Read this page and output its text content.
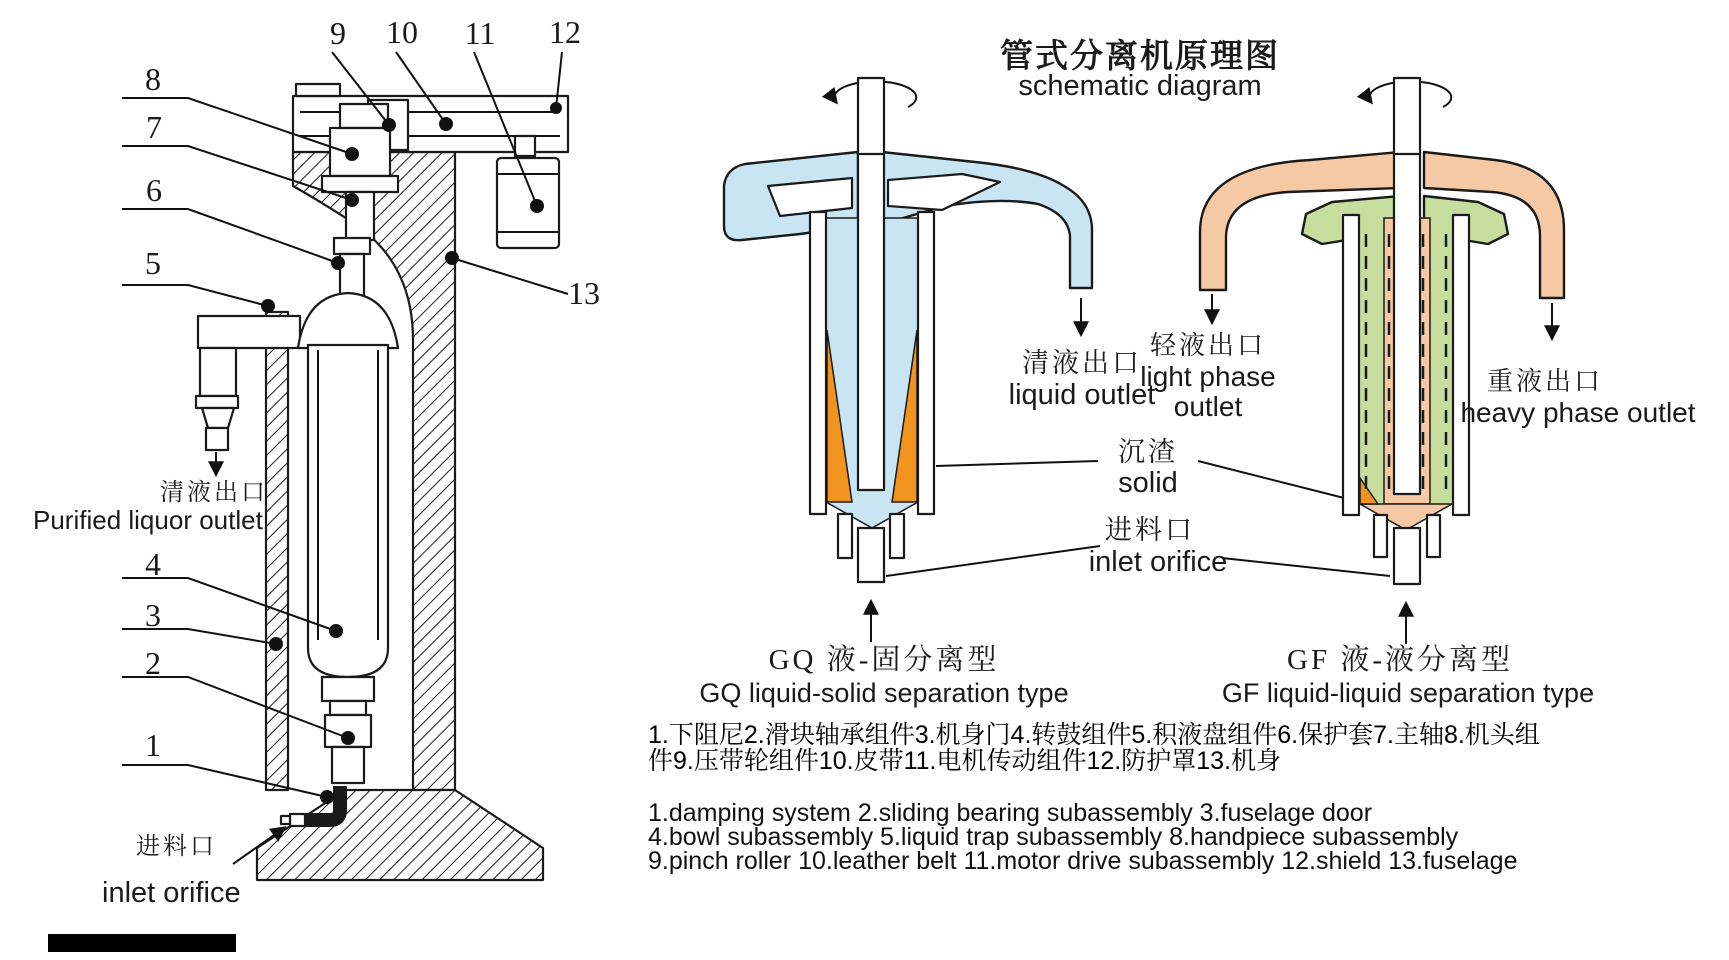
管式分离机原理图
schematic diagram
8
7
6
5
9 10 11 12
13
4
3
2
1
清液出口
Purified liquor outlet
进料口
inlet orifice
清液出口
liquid outlet
沉渣
solid
进料口
inlet orifice
GQ 液-固分离型
GQ liquid-solid separation type
轻液出口
light phase
outlet
重液出口
heavy phase outlet
GF 液-液分离型
GF liquid-liquid separation type
1.下阻尼2.滑块轴承组件3.机身门4.转鼓组件5.积液盘组件6.保护套7.主轴8.机头组
件9.压带轮组件10.皮带11.电机传动组件12.防护罩13.机身
1.damping system 2.sliding bearing subassembly 3.fuselage door
4.bowl subassembly 5.liquid trap subassembly 8.handpiece subassembly
9.pinch roller 10.leather belt 11.motor drive subassembly 12.shield 13.fuselage
